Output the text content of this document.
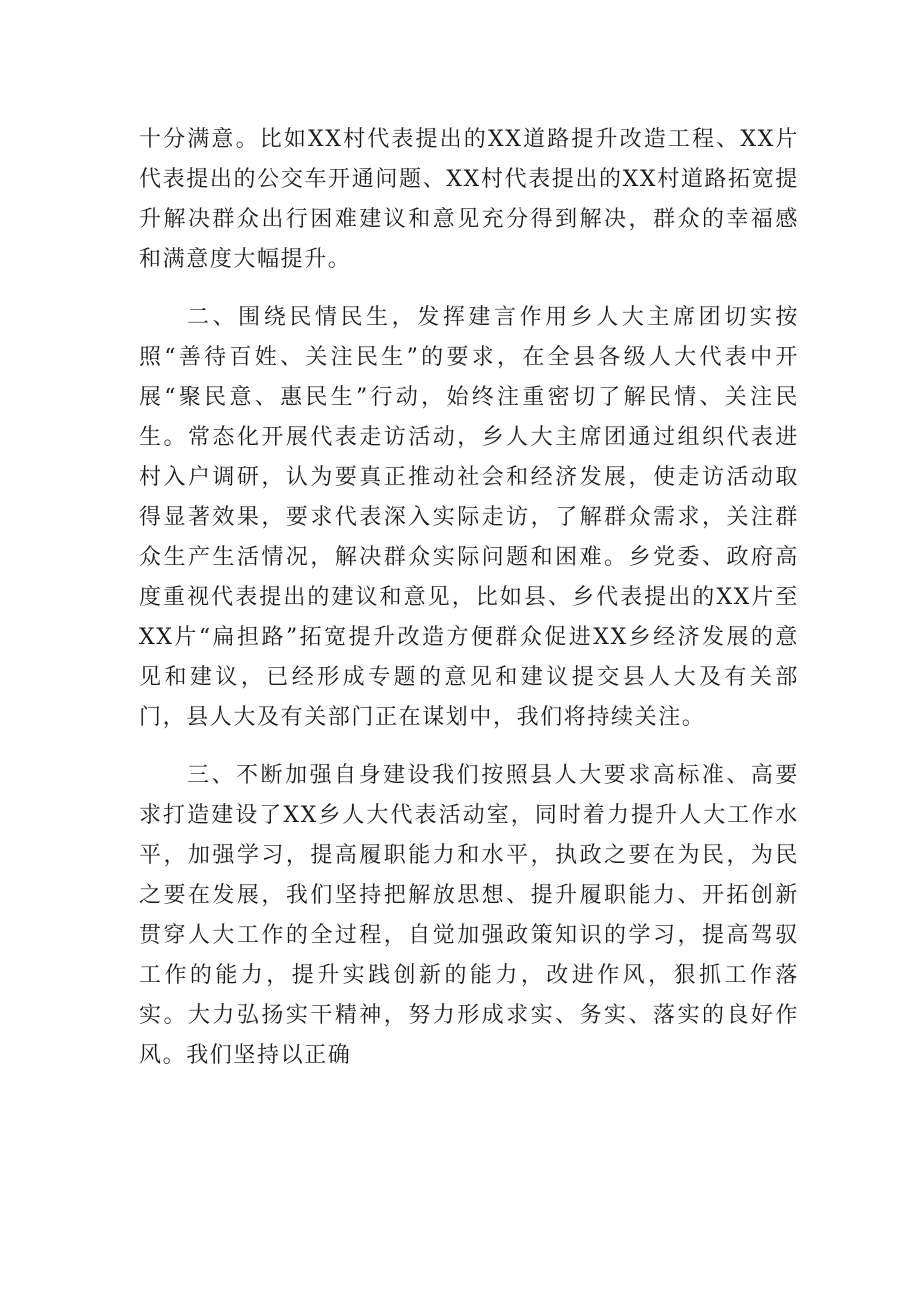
十分满意。比如XX村代表提出的XX道路提升改造工程、XX片代表提出的公交车开通问题、XX村代表提出的XX村道路拓宽提升解决群众出行困难建议和意见充分得到解决，群众的幸福感和满意度大幅提升。

二、围绕民情民生，发挥建言作用乡人大主席团切实按照“善待百姓、关注民生”的要求，在全县各级人大代表中开展“聚民意、惠民生”行动，始终注重密切了解民情、关注民生。常态化开展代表走访活动，乡人大主席团通过组织代表进村入户调研，认为要真正推动社会和经济发展，使走访活动取得显著效果，要求代表深入实际走访，了解群众需求，关注群众生产生活情况，解决群众实际问题和困难。乡党委、政府高度重视代表提出的建议和意见，比如县、乡代表提出的XX片至XX片“扁担路”拓宽提升改造方便群众促进XX乡经济发展的意见和建议，已经形成专题的意见和建议提交县人大及有关部门，县人大及有关部门正在谋划中，我们将持续关注。

三、不断加强自身建设我们按照县人大要求高标准、高要求打造建设了XX乡人大代表活动室，同时着力提升人大工作水平，加强学习，提高履职能力和水平，执政之要在为民，为民之要在发展，我们坚持把解放思想、提升履职能力、开拓创新贯穿人大工作的全过程，自觉加强政策知识的学习，提高驾驭工作的能力，提升实践创新的能力，改进作风，狠抓工作落实。大力弘扬实干精神，努力形成求实、务实、落实的良好作风。我们坚持以正确
